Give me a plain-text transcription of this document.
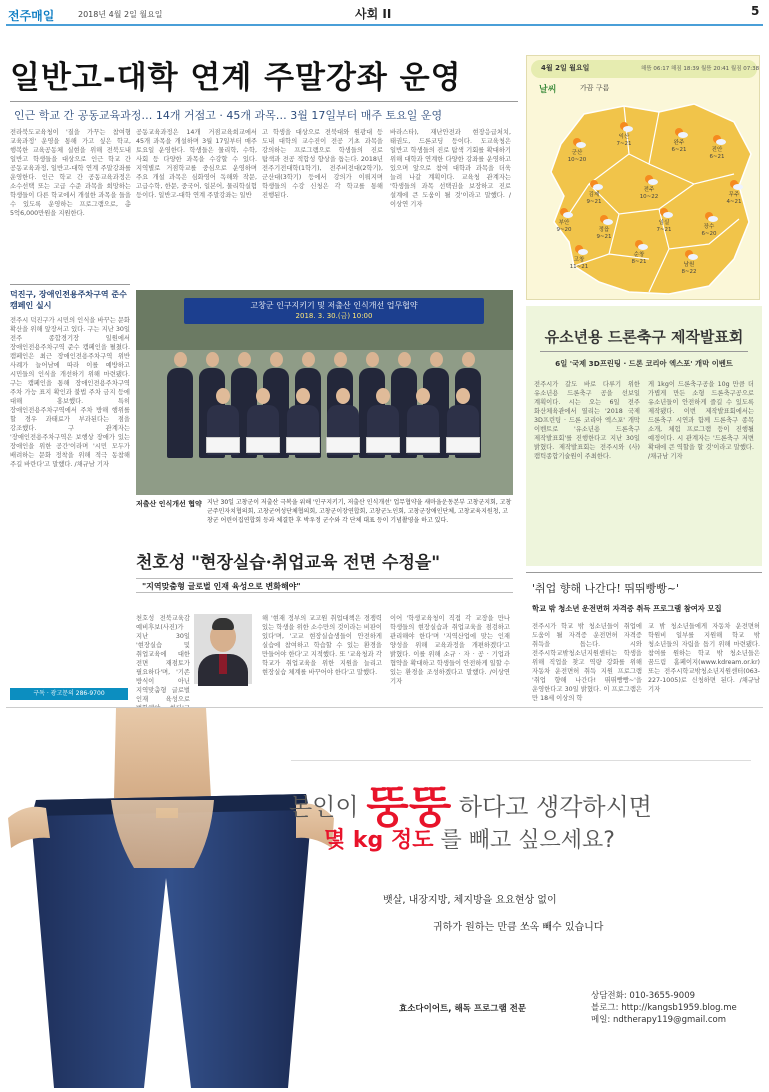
전주매일	2018년 4월 2일 월요일	사회 II	5
일반고-대학 연계 주말강좌 운영
인근 학교 간 공동교육과정… 14개 거점고 · 45개 과목… 3월 17일부터 매주 토요일 운영
전라북도교육청이 '질을 가꾸는 참여형 교육과정' 운영을 통해 가고 싶은 학교, 행복한 교육공동체 실현을 위해 전북도내 일반고 학생들을 대상으로 인근 학교 간 공동교육과정, 일반고-대학 연계 주말강좌를 운영한다. 인근 학교 간 공동교육과정은 소수선택 또는 고급 수준 과목을 희망하는 학생들이 다른 학교에서 개설한 과목을 들을 수 있도록 운영하는 프로그램으로, 총 5억6,000만원을 지원한다.
공동교육과정은 14개 거점교육희교에서 45개 과목을 개설하며 3월 17일부터 매주 토요일 운영한다. 학생들은 물리학, 수학, 사회 등 다양한 과목을 수강할 수 있다. 지역별로 거점학교를 중심으로 운영하며 주요 개설 과목은 심화영어 독해와 작문, 고급수학, 한문, 중국어, 일본어, 물리학실험 등이다. 일반고-대학 연계 주말강좌는 일반
고 학생을 대상으로 전북대와 원광대 등 도내 대학의 교수진이 전공 기초 과목을 강의하는 프로그램으로 학생들의 진로 탐색과 전공 적합성 향상을 돕는다. 2018년 전주기전대학(1학기), 전주비전대(2학기), 군산대(3학기) 등에서 강의가 이뤄지며 학생들의 수강 신청은 각 학교를 통해 진행된다.
바라스타), 재난안전과 현장응급처치, 태권도, 드론코딩 등이다. 도교육청은 일반고 학생들의 진로 탐색 기회를 확대하기 위해 대학과 연계한 다양한 강좌를 운영하고 있으며 앞으로 참여 대학과 과목을 더욱 늘려 나갈 계획이다. 교육청 관계자는 '학생들의 과목 선택권을 보장하고 진로 설계에 큰 도움이 될 것'이라고 말했다. /이상연 기자
4월 2일 월요일	해뜸 06:17 해짐 18:39 월뜸 20:41 월짐 07:38
날씨	가끔 구름
군산
10~20
익산
7~21	완주
6~21	진안
6~21
무주
4~21
전주
10~22
김제
9~21
부안
9~20	정읍
9~21
임실
7~21	장수
6~20
고창
11~21
순창
8~21	남원
8~22
고창군 인구지키기 및 저출산 인식개선 업무협약
2018. 3. 30.(금) 10:00
저출산 인식개선 협약 지난 30일 고창군이 저출산 극복을 위해 '인구지키기, 저출산 인식개선' 업무협약을 새마을운동본부 고창군지회, 고창군주민자치협의회, 고창군여성단체협의회, 고창군이장연합회, 고창군노인회, 고창군장애인단체, 고창교육지원청, 고창군 어린이집연합회 등과 체결한 후 박우정 군수와 각 단체 대표 등이 기념촬영을 하고 있다.
덕진구, 장애인전용주차구역 준수 캠페인 실시
전주시 덕진구가 시민의 인식을 바꾸는 문화 확산을 위해 앞장서고 있다. 구는 지난 30일 전주 종합경기장 일원에서 장애인전용주차구역 준수 캠페인을 펼쳤다. 캠페인은 최근 장애인전용주차구역 위반 사례가 늘어남에 따라 이를 예방하고 시민들의 인식을 개선하기 위해 마련됐다. 구는 캠페인을 통해 장애인전용주차구역 주차 가능 표지 확인과 불법 주차 금지 등에 대해 홍보했다. 특히 장애인전용주차구역에서 주차 방해 행위를 할 경우 과태료가 부과된다는 점을 강조했다. 구 관계자는 '장애인전용주차구역은 보행상 장애가 있는 장애인을 위한 공간'이라며 '시민 모두가 배려하는 문화 정착을 위해 적극 동참해 주길 바란다'고 말했다. /채규남 기자
구독 · 광고문의 286-9700
유소년용 드론축구 제작발표회
6일 '국제 3D프린팅 · 드론 코리아 엑스포' 개막 이벤트
전주시가 갈도 바로 다루기 위한 유소년용 드론축구 공을 선보일 계획이다. 시는 오는 6일 전주 화산체육관에서 열리는 '2018 국제 3D프린팅 · 드론 코리아 엑스포' 개막 이벤트로 '유소년용 드론축구 제작발표회'를 진행한다고 지난 30일 밝혔다. 제작발표회는 전주시와 (사)캠틱종합기술원이 주최한다.
게 1kg이 드론축구공을 10g 만큼 더 가볍게 만든 소형 드론축구공으로 유소년들이 안전하게 즐길 수 있도록 제작됐다. 이번 제작발표회에서는 드론축구 시연과 함께 드론축구 종목 소개, 체험 프로그램 등이 진행될 예정이다. 시 관계자는 '드론축구 저변 확대에 큰 역할을 할 것'이라고 말했다. /채규남 기자
천호성 "현장실습·취업교육 전면 수정을"
"지역맞춤형 글로벌 인재 육성으로 변화해야"
천호성 전북교육감 예비후보(사진)가 지난 30일 '현장실습 및 취업교육에 대한 전면 재점토가 필요하다'며, '기존 방식이 아닌 지역맞춤형 글로벌 인재 육성으로
해 '현재 정부의 교고원 취업대책은 경쟁력 있는 학생을 위한 소수만의 것이라는 비판이 있다'며, '고교 현장실습생들이 안전하게 실습에 참여하고 학습할 수 있는 환경을 만들어야 한다'고 지적했다. 또 '교육청과 각 학교가 취업교육을 위한 지원을 늘리고 현장실습 체계를 바꾸어야 한다'고 말했다.
이어 '학생교육청이 직접 각 교장을 만나 학생들의 현장실습과 취업교육을 점검하고 관리해야 한다'며 '지역산업에 맞는 인재 양성을 위해 교육과정을 개편하겠다'고 밝혔다. 이를 위해 소규 · 자 · 공 · 기업과 협약을 확대하고 학생들이 안전하게 일할 수 있는 환경을 조성하겠다고 말했다. /이상연 기자
'취업 향해 나간다! 뛰뛰빵빵~'
학교 밖 청소년 운전면허 자격증 취득 프로그램 참여자 모집
전주시가 학교 밖 청소년들이 취업에 도움이 될 자격증 운전면허 자격증 취득을 돕는다. 시와 전주시학교밖청소년지원센터는 학생을 위해 직업을 찾고 역량 강화를 위해 자동차 운전면허 취득 지원 프로그램 '취업 향해 나간다! 뛰뛰빵빵~'을 운영한다고 30일 밝혔다. 이 프로그램은 만 18세 이상의 학
교 밖 청소년들에게 자동차 운전면허 학원비 일부를 지원해 학교 밖 청소년들의 자립을 돕기 위해 마련됐다. 참여를 원하는 학교 밖 청소년들은 꿈드림 홈페이지(www.kdream.or.kr) 또는 전주시학교밖청소년지원센터(063-227-1005)로 신청하면 된다. /채규남 기자
본인이 뚱뚱 하다고 생각하시면
몇 kg 정도 를 빼고 싶으세요?
뱃살, 내장지방, 체지방을 요요현상 없이
귀하가 원하는 만큼 쏘옥 빼수 있습니다
효소다이어트, 해독 프로그램 전문
상담전화: 010-3655-9009
블로그: http://kangsb1959.blog.me
메일: ndtherapy119@gmail.com
